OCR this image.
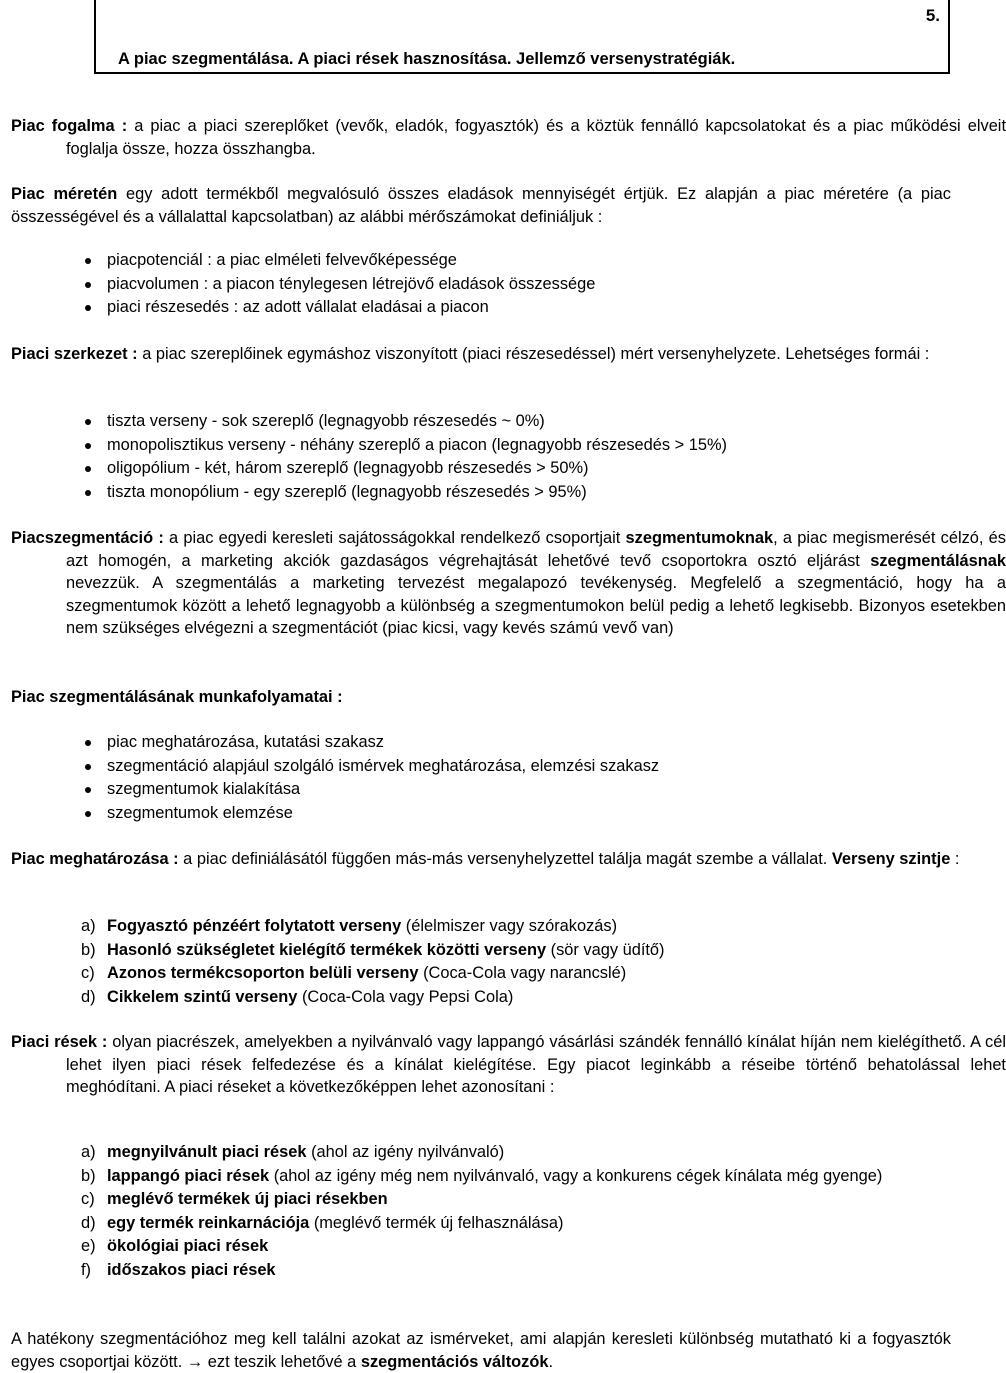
5.
A piac szegmentálása. A piaci rések hasznosítása. Jellemző versenystratégiák.
Piac fogalma : a piac a piaci szereplőket (vevők, eladók, fogyasztók) és a köztük fennálló kapcsolatokat és a piac működési elveit foglalja össze, hozza összhangba.
Piac méretén egy adott termékből megvalósuló összes eladások mennyiségét értjük. Ez alapján a piac méretére (a piac összességével és a vállalattal kapcsolatban) az alábbi mérőszámokat definiáljuk :
piacpotenciál : a piac elméleti felvevőképessége
piacvolumen : a piacon ténylegesen létrejövő eladások összessége
piaci részesedés : az adott vállalat eladásai a piacon
Piaci szerkezet : a piac szereplőinek egymáshoz viszonyított (piaci részesedéssel) mért versenyhelyzete. Lehetséges formái :
tiszta verseny - sok szereplő (legnagyobb részesedés ~ 0%)
monopolisztikus verseny - néhány szereplő a piacon (legnagyobb részesedés > 15%)
oligopólium - két, három szereplő (legnagyobb részesedés > 50%)
tiszta monopólium - egy szereplő (legnagyobb részesedés > 95%)
Piacszegmentáció : a piac egyedi keresleti sajátosságokkal rendelkező csoportjait szegmentumoknak, a piac megismerését célzó, és azt homogén, a marketing akciók gazdaságos végrehajtását lehetővé tevő csoportokra osztó eljárást szegmentálásnak nevezzük. A szegmentálás a marketing tervezést megalapozó tevékenység. Megfelelő a szegmentáció, hogy ha a szegmentumok között a lehető legnagyobb a különbség a szegmentumokon belül pedig a lehető legkisebb. Bizonyos esetekben nem szükséges elvégezni a szegmentációt (piac kicsi, vagy kevés számú vevő van)
Piac szegmentálásának munkafolyamatai :
piac meghatározása, kutatási szakasz
szegmentáció alapjául szolgáló ismérvek meghatározása, elemzési szakasz
szegmentumok kialakítása
szegmentumok elemzése
Piac meghatározása : a piac definiálásától függően más-más versenyhelyzettel találja magát szembe a vállalat. Verseny szintje :
a) Fogyasztó pénzéért folytatott verseny (élelmiszer vagy szórakozás)
b) Hasonló szükségletet kielégítő termékek közötti verseny (sör vagy üdítő)
c) Azonos termékcsoporton belüli verseny (Coca-Cola vagy narancslé)
d) Cikkelem szintű verseny (Coca-Cola vagy Pepsi Cola)
Piaci rések : olyan piacrészek, amelyekben a nyilvánvaló vagy lappangó vásárlási szándék fennálló kínálat híján nem kielégíthető. A cél lehet ilyen piaci rések felfedezése és a kínálat kielégítése. Egy piacot leginkább a réseibe történő behatolással lehet meghódítani. A piaci réseket a következőképpen lehet azonosítani :
a) megnyilvánult piaci rések (ahol az igény nyilvánvaló)
b) lappangó piaci rések (ahol az igény még nem nyilvánvaló, vagy a konkurens cégek kínálata még gyenge)
c) meglévő termékek új piaci résekben
d) egy termék reinkarnációja (meglévő termék új felhasználása)
e) ökológiai piaci rések
f) időszakos piaci rések
A hatékony szegmentációhoz meg kell találni azokat az ismérveket, ami alapján keresleti különbség mutatható ki a fogyasztók egyes csoportjai között. → ezt teszik lehetővé a szegmentációs változók.
